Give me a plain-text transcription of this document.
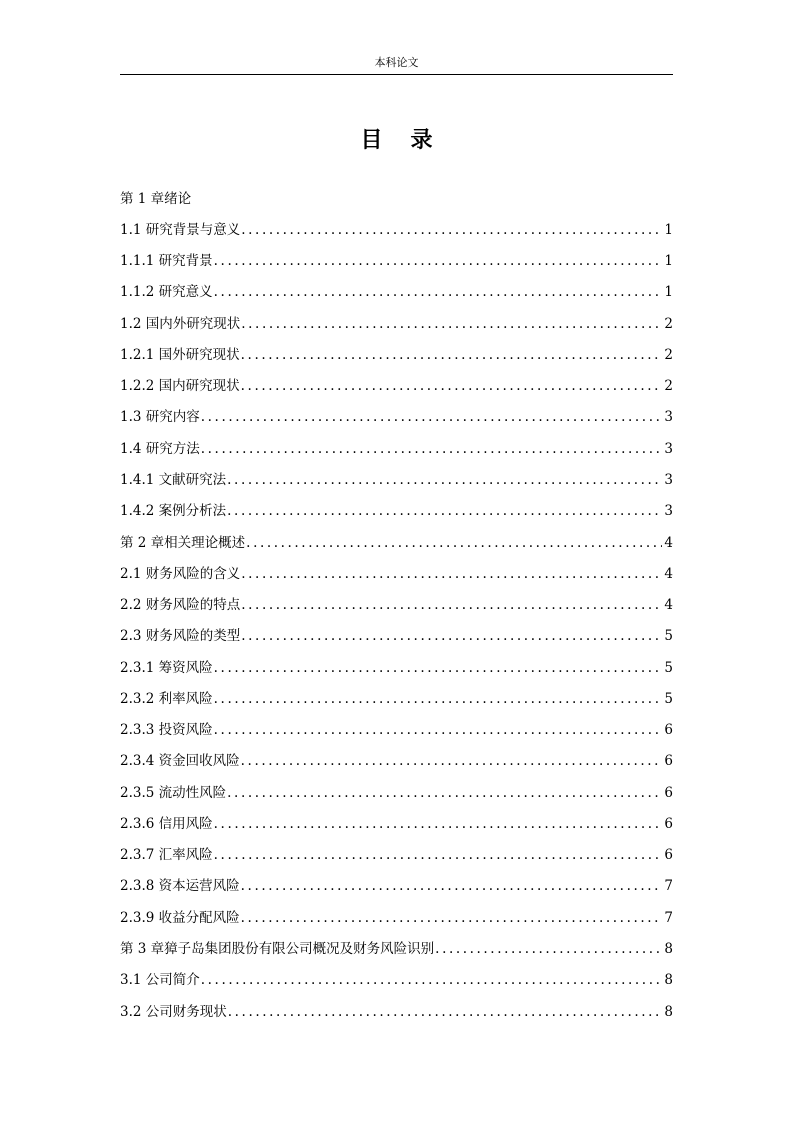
本科论文
目录
第 1 章绪论
1.1 研究背景与意义 .....	1
1.1.1 研究背景 .....	1
1.1.2 研究意义 .....	1
1.2 国内外研究现状 .....	2
1.2.1 国外研究现状 .....	2
1.2.2 国内研究现状 .....	2
1.3 研究内容 .....	3
1.4 研究方法 .....	3
1.4.1 文献研究法 .....	3
1.4.2 案例分析法 .....	3
第 2 章相关理论概述 .....	4
2.1 财务风险的含义 .....	4
2.2 财务风险的特点 .....	4
2.3 财务风险的类型 .....	5
2.3.1 筹资风险 .....	5
2.3.2 利率风险 .....	5
2.3.3 投资风险 .....	6
2.3.4 资金回收风险 .....	6
2.3.5 流动性风险 .....	6
2.3.6 信用风险 .....	6
2.3.7 汇率风险 .....	6
2.3.8 资本运营风险 .....	7
2.3.9 收益分配风险 .....	7
第 3 章獐子岛集团股份有限公司概况及财务风险识别 .....	8
3.1 公司简介 .....	8
3.2 公司财务现状 .....	8
